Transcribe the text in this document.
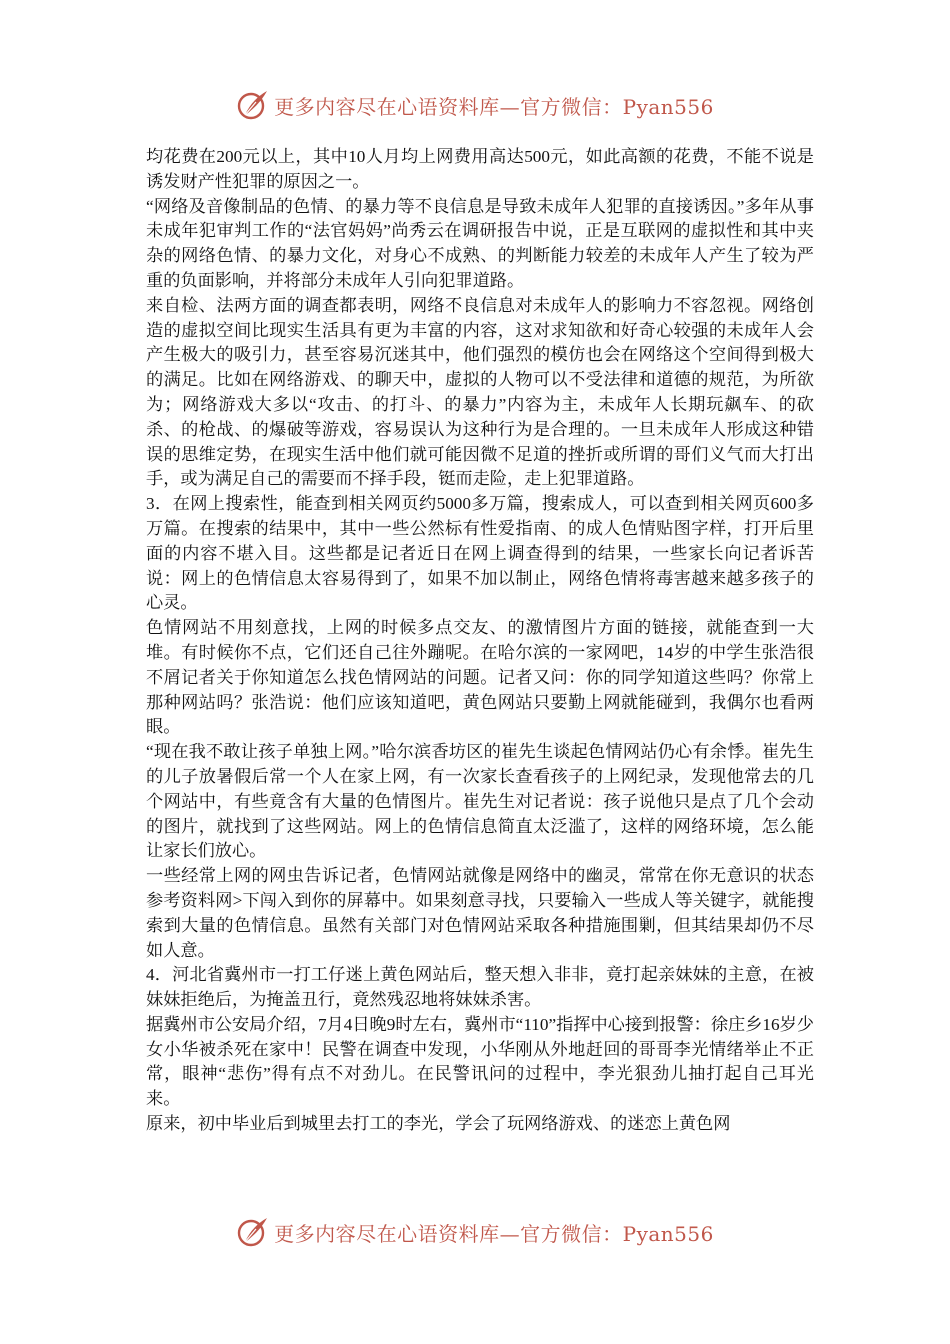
更多内容尽在心语资料库—官方微信：Pyan556

均花费在200元以上，其中10人月均上网费用高达500元，如此高额的花费，不能不说是诱发财产性犯罪的原因之一。

“网络及音像制品的色情、的暴力等不良信息是导致未成年人犯罪的直接诱因。”多年从事未成年犯审判工作的“法官妈妈”尚秀云在调研报告中说，正是互联网的虚拟性和其中夹杂的网络色情、的暴力文化，对身心不成熟、的判断能力较差的未成年人产生了较为严重的负面影响，并将部分未成年人引向犯罪道路。

来自检、法两方面的调查都表明，网络不良信息对未成年人的影响力不容忽视。网络创造的虚拟空间比现实生活具有更为丰富的内容，这对求知欲和好奇心较强的未成年人会产生极大的吸引力，甚至容易沉迷其中，他们强烈的模仿也会在网络这个空间得到极大的满足。比如在网络游戏、的聊天中，虚拟的人物可以不受法律和道德的规范，为所欲为；网络游戏大多以“攻击、的打斗、的暴力”内容为主，未成年人长期玩飙车、的砍杀、的枪战、的爆破等游戏，容易误认为这种行为是合理的。一旦未成年人形成这种错误的思维定势，在现实生活中他们就可能因微不足道的挫折或所谓的哥们义气而大打出手，或为满足自己的需要而不择手段，铤而走险，走上犯罪道路。

3．在网上搜索性，能查到相关网页约5000多万篇，搜索成人，可以查到相关网页600多万篇。在搜索的结果中，其中一些公然标有性爱指南、的成人色情贴图字样，打开后里面的内容不堪入目。这些都是记者近日在网上调查得到的结果，一些家长向记者诉苦说：网上的色情信息太容易得到了，如果不加以制止，网络色情将毒害越来越多孩子的心灵。

色情网站不用刻意找，上网的时候多点交友、的激情图片方面的链接，就能查到一大堆。有时候你不点，它们还自己往外蹦呢。在哈尔滨的一家网吧，14岁的中学生张浩很不屑记者关于你知道怎么找色情网站的问题。记者又问：你的同学知道这些吗？你常上那种网站吗？张浩说：他们应该知道吧，黄色网站只要勤上网就能碰到，我偶尔也看两眼。

“现在我不敢让孩子单独上网。”哈尔滨香坊区的崔先生谈起色情网站仍心有余悸。崔先生的儿子放暑假后常一个人在家上网，有一次家长查看孩子的上网纪录，发现他常去的几个网站中，有些竟含有大量的色情图片。崔先生对记者说：孩子说他只是点了几个会动的图片，就找到了这些网站。网上的色情信息简直太泛滥了，这样的网络环境，怎么能让家长们放心。

一些经常上网的网虫告诉记者，色情网站就像是网络中的幽灵，常常在你无意识的状态参考资料网>下闯入到你的屏幕中。如果刻意寻找，只要输入一些成人等关键字，就能搜索到大量的色情信息。虽然有关部门对色情网站采取各种措施围剿，但其结果却仍不尽如人意。

4．河北省冀州市一打工仔迷上黄色网站后，整天想入非非，竟打起亲妹妹的主意，在被妹妹拒绝后，为掩盖丑行，竟然残忍地将妹妹杀害。

据冀州市公安局介绍，7月4日晚9时左右，冀州市“110”指挥中心接到报警：徐庄乡16岁少女小华被杀死在家中！民警在调查中发现，小华刚从外地赶回的哥哥李光情绪举止不正常，眼神“悲伤”得有点不对劲儿。在民警讯问的过程中，李光狠劲儿抽打起自己耳光来。

原来，初中毕业后到城里去打工的李光，学会了玩网络游戏、的迷恋上黄色网

更多内容尽在心语资料库—官方微信：Pyan556
